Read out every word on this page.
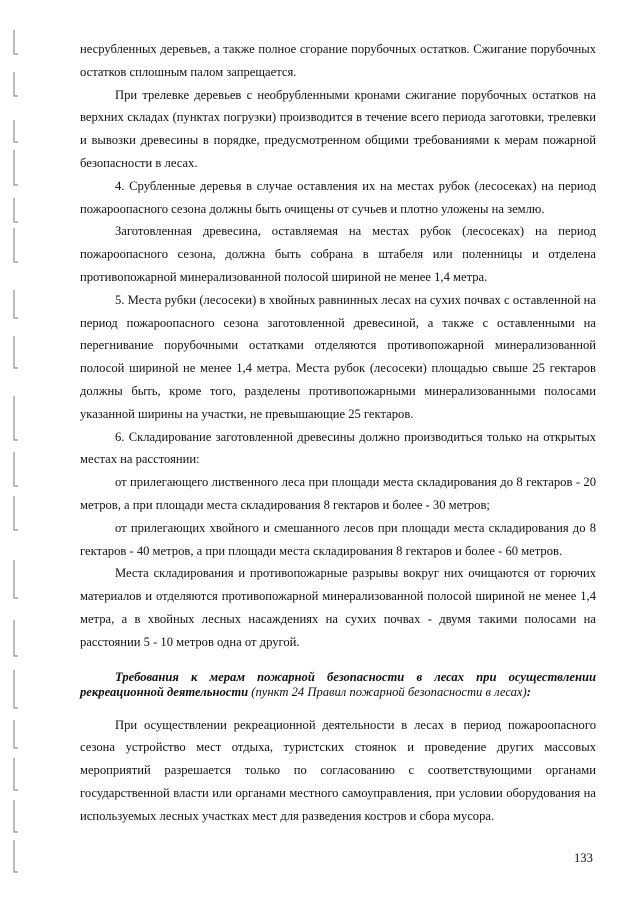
несрубленных деревьев, а также полное сгорание порубочных остатков. Сжигание порубочных остатков сплошным палом запрещается.

При трелевке деревьев с необрубленными кронами сжигание порубочных остатков на верхних складах (пунктах погрузки) производится в течение всего периода заготовки, трелевки и вывозки древесины в порядке, предусмотренном общими требованиями к мерам пожарной безопасности в лесах.

4. Срубленные деревья в случае оставления их на местах рубок (лесосеках) на период пожароопасного сезона должны быть очищены от сучьев и плотно уложены на землю.

Заготовленная древесина, оставляемая на местах рубок (лесосеках) на период пожароопасного сезона, должна быть собрана в штабеля или поленницы и отделена противопожарной минерализованной полосой шириной не менее 1,4 метра.

5. Места рубки (лесосеки) в хвойных равнинных лесах на сухих почвах с оставленной на период пожароопасного сезона заготовленной древесиной, а также с оставленными на перегнивание порубочными остатками отделяются противопожарной минерализованной полосой шириной не менее 1,4 метра. Места рубок (лесосеки) площадью свыше 25 гектаров должны быть, кроме того, разделены противопожарными минерализованными полосами указанной ширины на участки, не превышающие 25 гектаров.

6. Складирование заготовленной древесины должно производиться только на открытых местах на расстоянии:

от прилегающего лиственного леса при площади места складирования до 8 гектаров - 20 метров, а при площади места складирования 8 гектаров и более - 30 метров;

от прилегающих хвойного и смешанного лесов при площади места складирования до 8 гектаров - 40 метров, а при площади места складирования 8 гектаров и более - 60 метров.

Места складирования и противопожарные разрывы вокруг них очищаются от горючих материалов и отделяются противопожарной минерализованной полосой шириной не менее 1,4 метра, а в хвойных лесных насаждениях на сухих почвах - двумя такими полосами на расстоянии 5 - 10 метров одна от другой.

Требования к мерам пожарной безопасности в лесах при осуществлении рекреационной деятельности (пункт 24 Правил пожарной безопасности в лесах):

При осуществлении рекреационной деятельности в лесах в период пожароопасного сезона устройство мест отдыха, туристских стоянок и проведение других массовых мероприятий разрешается только по согласованию с соответствующими органами государственной власти или органами местного самоуправления, при условии оборудования на используемых лесных участках мест для разведения костров и сбора мусора.

133
